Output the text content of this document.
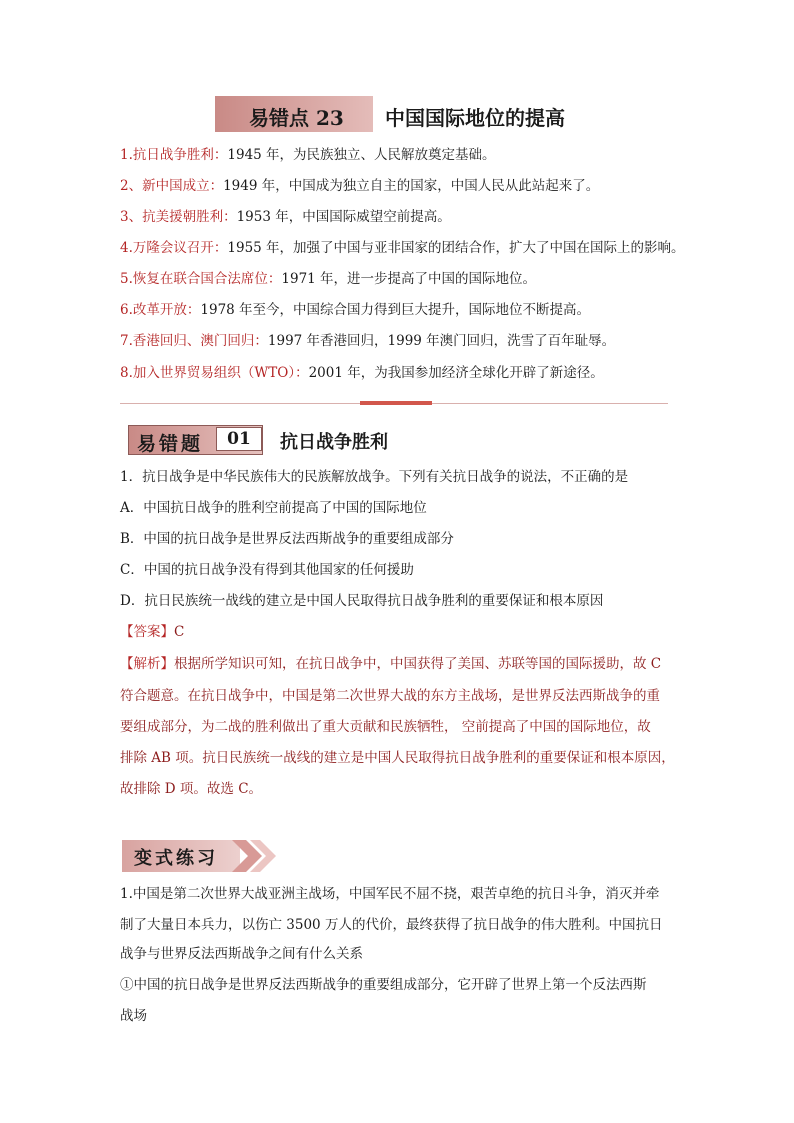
易错点 23 中国国际地位的提高
1.抗日战争胜利：1945 年，为民族独立、人民解放奠定基础。
2、新中国成立：1949 年，中国成为独立自主的国家，中国人民从此站起来了。
3、抗美援朝胜利：1953 年，中国国际威望空前提高。
4.万隆会议召开：1955 年，加强了中国与亚非国家的团结合作，扩大了中国在国际上的影响。
5.恢复在联合国合法席位：1971 年，进一步提高了中国的国际地位。
6.改革开放：1978 年至今，中国综合国力得到巨大提升，国际地位不断提高。
7.香港回归、澳门回归：1997 年香港回归，1999 年澳门回归，洗雪了百年耻辱。
8.加入世界贸易组织（WTO）：2001 年，为我国参加经济全球化开辟了新途径。
易错题	01	抗日战争胜利
1．抗日战争是中华民族伟大的民族解放战争。下列有关抗日战争的说法，不正确的是
A．中国抗日战争的胜利空前提高了中国的国际地位
B．中国的抗日战争是世界反法西斯战争的重要组成部分
C．中国的抗日战争没有得到其他国家的任何援助
D．抗日民族统一战线的建立是中国人民取得抗日战争胜利的重要保证和根本原因
【答案】C
【解析】根据所学知识可知，在抗日战争中，中国获得了美国、苏联等国的国际援助，故 C
符合题意。在抗日战争中，中国是第二次世界大战的东方主战场，是世界反法西斯战争的重
要组成部分，为二战的胜利做出了重大贡献和民族牺牲， 空前提高了中国的国际地位，故
排除 AB 项。抗日民族统一战线的建立是中国人民取得抗日战争胜利的重要保证和根本原因，
故排除 D 项。故选 C。
变式练习
1.中国是第二次世界大战亚洲主战场，中国军民不屈不挠，艰苦卓绝的抗日斗争，消灭并牵
制了大量日本兵力，以伤亡 3500 万人的代价，最终获得了抗日战争的伟大胜利。中国抗日
战争与世界反法西斯战争之间有什么关系
①中国的抗日战争是世界反法西斯战争的重要组成部分，它开辟了世界上第一个反法西斯
战场
